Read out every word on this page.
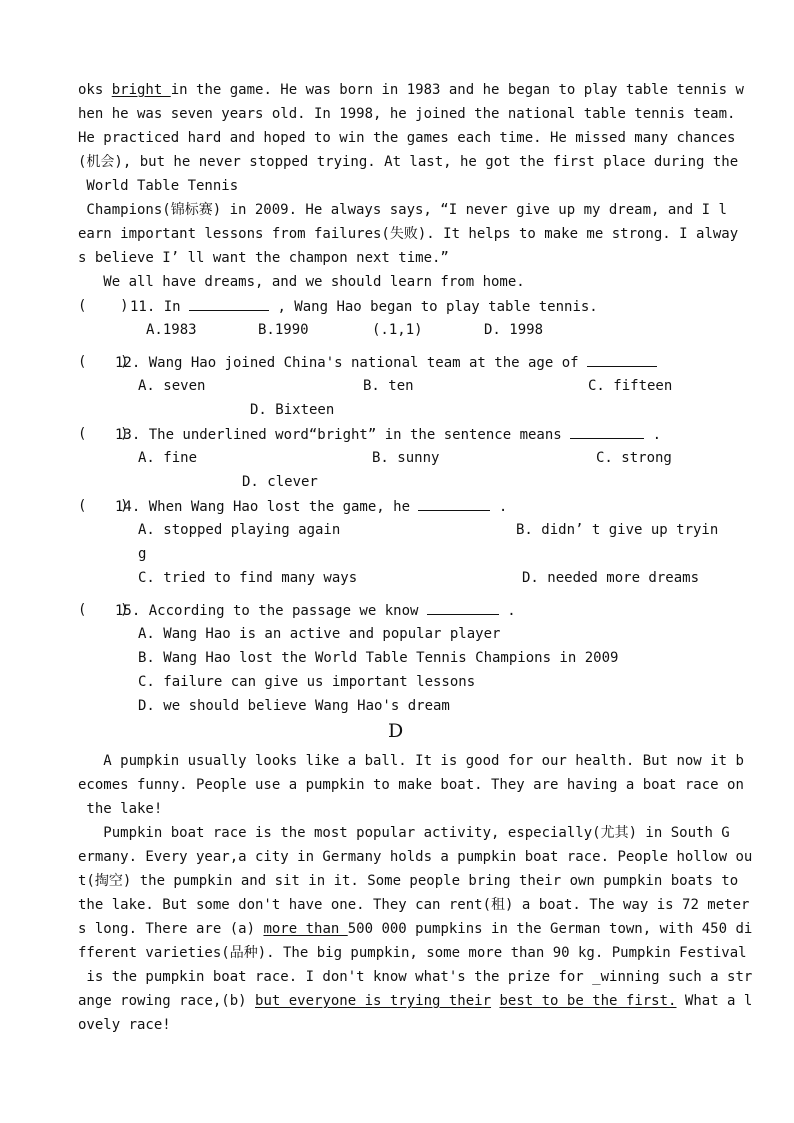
oks bright in the game. He was born in 1983 and he began to play table tennis w
hen he was seven years old. In 1998, he joined the national table tennis team.
He practiced hard and hoped to win the games each time. He missed many chances
(机会), but he never stopped trying. At last, he got the first place during the
World Table Tennis
Champions(锦标赛) in 2009. He always says, “I never give up my dream, and I l
earn important lessons from failures(失败). It helps to make me strong. I alway
s believe I’ ll want the champon next time.”
We all have dreams, and we should learn from home.
(    ) 11. In	, Wang Hao began to play table tennis.
A.1983	B.1990	(.1,1)	D. 1998
(    )
12. Wang Hao joined China's national team at the age of
A. seven	B. ten	C. fifteen
D. Bixteen
(    )
13. The underlined word“bright” in the sentence means	.
A. fine	B. sunny	C. strong
D. clever
(    )
14. When Wang Hao lost the game, he	.
A. stopped playing again	B. didn’ t give up tryin
g
C. tried to find many ways	D. needed more dreams
(    )
15. According to the passage we know	.
A. Wang Hao is an active and popular player
B. Wang Hao lost the World Table Tennis Champions in 2009
C. failure can give us important lessons
D. we should believe Wang Hao's dream
D
A pumpkin usually looks like a ball. It is good for our health. But now it b
ecomes funny. People use a pumpkin to make boat. They are having a boat race on
the lake!
Pumpkin boat race is the most popular activity, especially(尤其) in South G
ermany. Every year,a city in Germany holds a pumpkin boat race. People hollow ou
t(掏空) the pumpkin and sit in it. Some people bring their own pumpkin boats to
the lake. But some don't have one. They can rent(租) a boat. The way is 72 meter
s long. There are (a) more than 500 000 pumpkins in the German town, with 450 di
fferent varieties(品种). The big pumpkin, some more than 90 kg. Pumpkin Festival
is the pumpkin boat race. I don't know what's the prize for _winning such a str
ange rowing race,(b) but everyone is trying their best to be the first. What a l
ovely race!
